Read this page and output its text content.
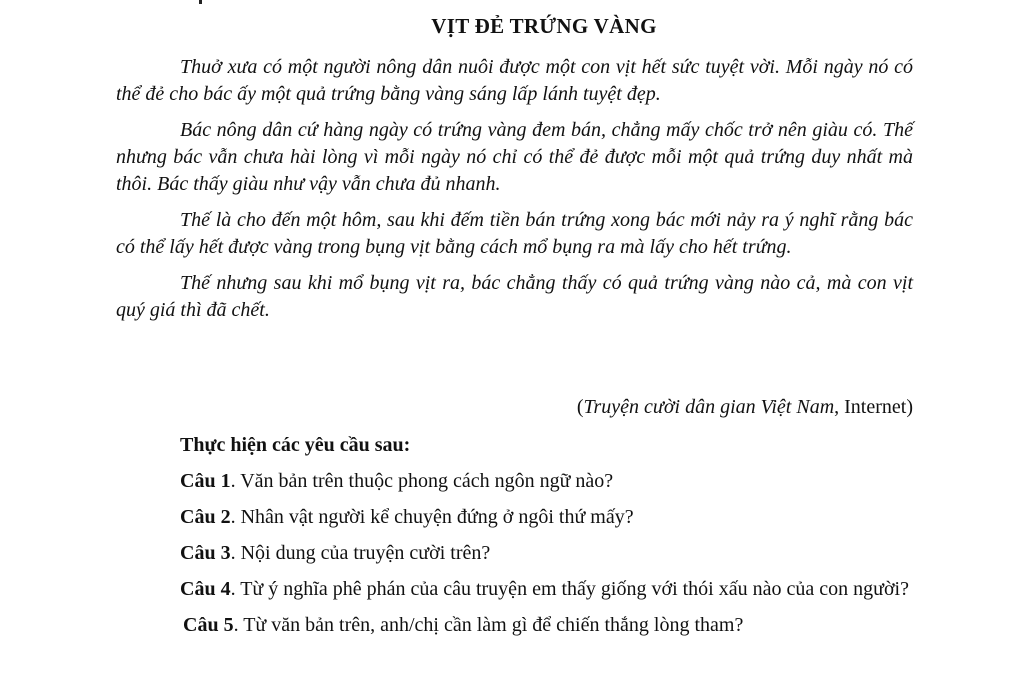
VỊT ĐẺ TRỨNG VÀNG

Thuở xưa có một người nông dân nuôi được một con vịt hết sức tuyệt vời. Mỗi ngày nó có thể đẻ cho bác ấy một quả trứng bằng vàng sáng lấp lánh tuyệt đẹp.

Bác nông dân cứ hàng ngày có trứng vàng đem bán, chẳng mấy chốc trở nên giàu có. Thế nhưng bác vẫn chưa hài lòng vì mỗi ngày nó chỉ có thể đẻ được mỗi một quả trứng duy nhất mà thôi. Bác thấy giàu như vậy vẫn chưa đủ nhanh.

Thế là cho đến một hôm, sau khi đếm tiền bán trứng xong bác mới nảy ra ý nghĩ rằng bác có thể lấy hết được vàng trong bụng vịt bằng cách mổ bụng ra mà lấy cho hết trứng.

Thế nhưng sau khi mổ bụng vịt ra, bác chẳng thấy có quả trứng vàng nào cả, mà con vịt quý giá thì đã chết.

(Truyện cười dân gian Việt Nam, Internet)
Thực hiện các yêu cầu sau:
Câu 1. Văn bản trên thuộc phong cách ngôn ngữ nào?
Câu 2. Nhân vật người kể chuyện đứng ở ngôi thứ mấy?
Câu 3. Nội dung của truyện cười trên?
Câu 4. Từ ý nghĩa phê phán của câu truyện em thấy giống với thói xấu nào của con người?
Câu 5. Từ văn bản trên, anh/chị cần làm gì để chiến thắng lòng tham?
